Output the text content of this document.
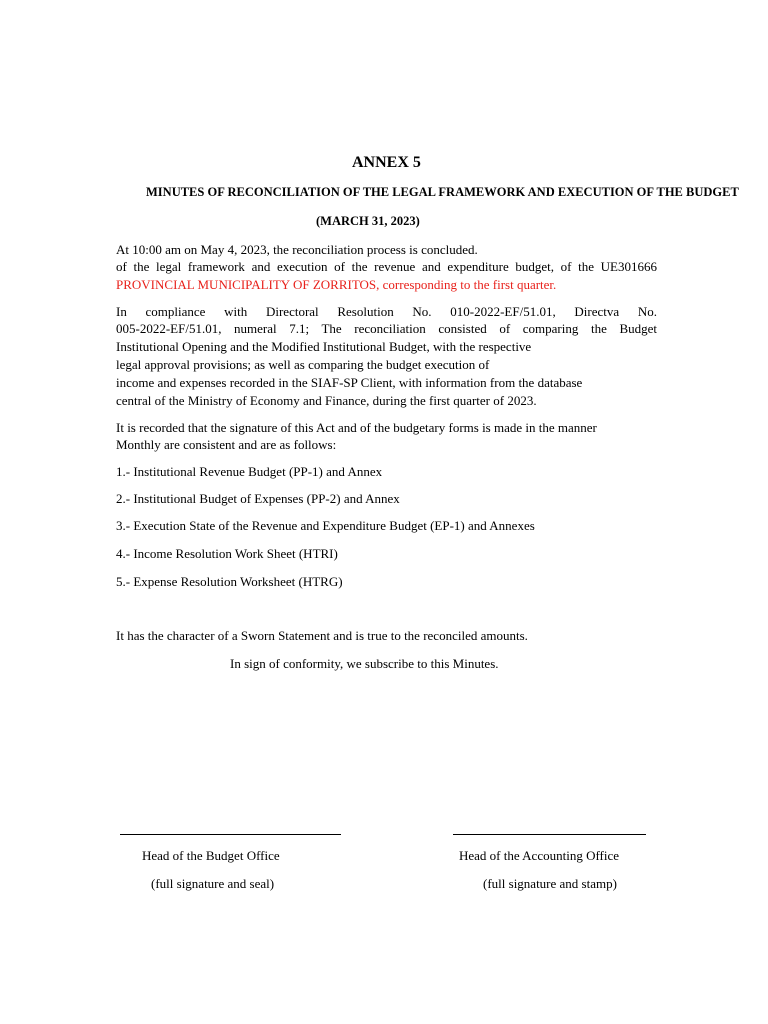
ANNEX 5
MINUTES OF RECONCILIATION OF THE LEGAL FRAMEWORK AND EXECUTION OF THE BUDGET
(MARCH 31, 2023)
At 10:00 am on May 4, 2023, the reconciliation process is concluded.
of the legal framework and execution of the revenue and expenditure budget, of the UE301666
PROVINCIAL MUNICIPALITY OF ZORRITOS, corresponding to the first quarter.
In compliance with Directoral Resolution No. 010-2022-EF/51.01, Directva No.
005-2022-EF/51.01, numeral 7.1; The reconciliation consisted of comparing the Budget
Institutional Opening and the Modified Institutional Budget, with the respective
legal approval provisions; as well as comparing the budget execution of
income and expenses recorded in the SIAF-SP Client, with information from the database
central of the Ministry of Economy and Finance, during the first quarter of 2023.
It is recorded that the signature of this Act and of the budgetary forms is made in the manner
Monthly are consistent and are as follows:
1.- Institutional Revenue Budget (PP-1) and Annex
2.- Institutional Budget of Expenses (PP-2) and Annex
3.- Execution State of the Revenue and Expenditure Budget (EP-1) and Annexes
4.- Income Resolution Work Sheet (HTRI)
5.- Expense Resolution Worksheet (HTRG)
It has the character of a Sworn Statement and is true to the reconciled amounts.
In sign of conformity, we subscribe to this Minutes.
Head of the Budget Office
(full signature and seal)
Head of the Accounting Office
(full signature and stamp)
